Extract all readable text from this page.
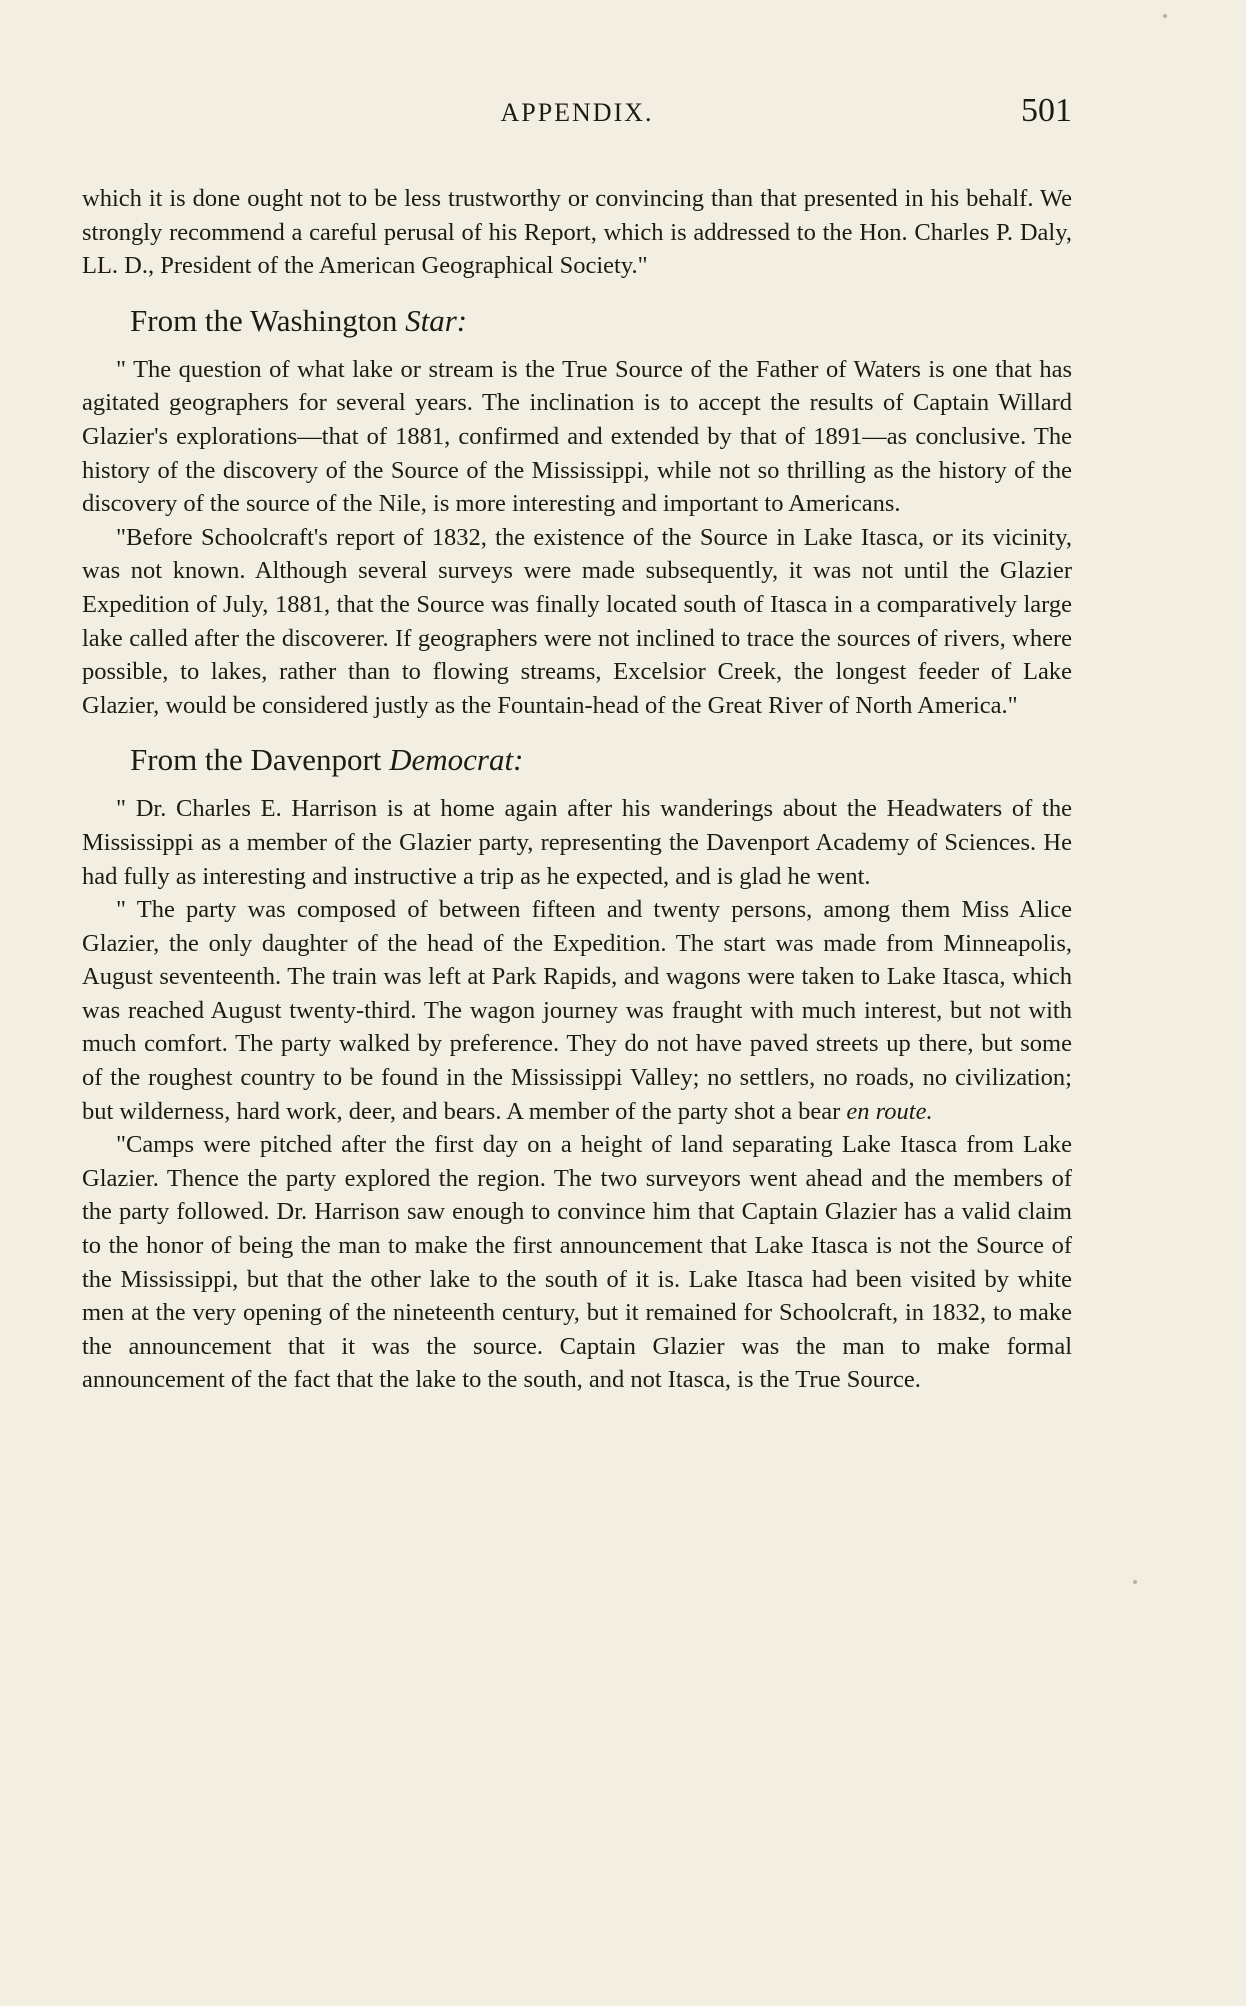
APPENDIX.	501

which it is done ought not to be less trustworthy or convincing than that presented in his behalf. We strongly recommend a careful perusal of his Report, which is addressed to the Hon. Charles P. Daly, LL. D., President of the American Geographical Society."

From the Washington Star:

" The question of what lake or stream is the True Source of the Father of Waters is one that has agitated geographers for several years. The inclination is to accept the results of Captain Willard Glazier's explorations—that of 1881, confirmed and extended by that of 1891—as conclusive. The history of the discovery of the Source of the Mississippi, while not so thrilling as the history of the discovery of the source of the Nile, is more interesting and important to Americans.

"Before Schoolcraft's report of 1832, the existence of the Source in Lake Itasca, or its vicinity, was not known. Although several surveys were made subsequently, it was not until the Glazier Expedition of July, 1881, that the Source was finally located south of Itasca in a comparatively large lake called after the discoverer. If geographers were not inclined to trace the sources of rivers, where possible, to lakes, rather than to flowing streams, Excelsior Creek, the longest feeder of Lake Glazier, would be considered justly as the Fountain-head of the Great River of North America."

From the Davenport Democrat:

" Dr. Charles E. Harrison is at home again after his wanderings about the Headwaters of the Mississippi as a member of the Glazier party, representing the Davenport Academy of Sciences. He had fully as interesting and instructive a trip as he expected, and is glad he went.

" The party was composed of between fifteen and twenty persons, among them Miss Alice Glazier, the only daughter of the head of the Expedition. The start was made from Minneapolis, August seventeenth. The train was left at Park Rapids, and wagons were taken to Lake Itasca, which was reached August twenty-third. The wagon journey was fraught with much interest, but not with much comfort. The party walked by preference. They do not have paved streets up there, but some of the roughest country to be found in the Mississippi Valley; no settlers, no roads, no civilization; but wilderness, hard work, deer, and bears. A member of the party shot a bear en route.

"Camps were pitched after the first day on a height of land separating Lake Itasca from Lake Glazier. Thence the party explored the region. The two surveyors went ahead and the members of the party followed. Dr. Harrison saw enough to convince him that Captain Glazier has a valid claim to the honor of being the man to make the first announcement that Lake Itasca is not the Source of the Mississippi, but that the other lake to the south of it is. Lake Itasca had been visited by white men at the very opening of the nineteenth century, but it remained for Schoolcraft, in 1832, to make the announcement that it was the source. Captain Glazier was the man to make formal announcement of the fact that the lake to the south, and not Itasca, is the True Source.
